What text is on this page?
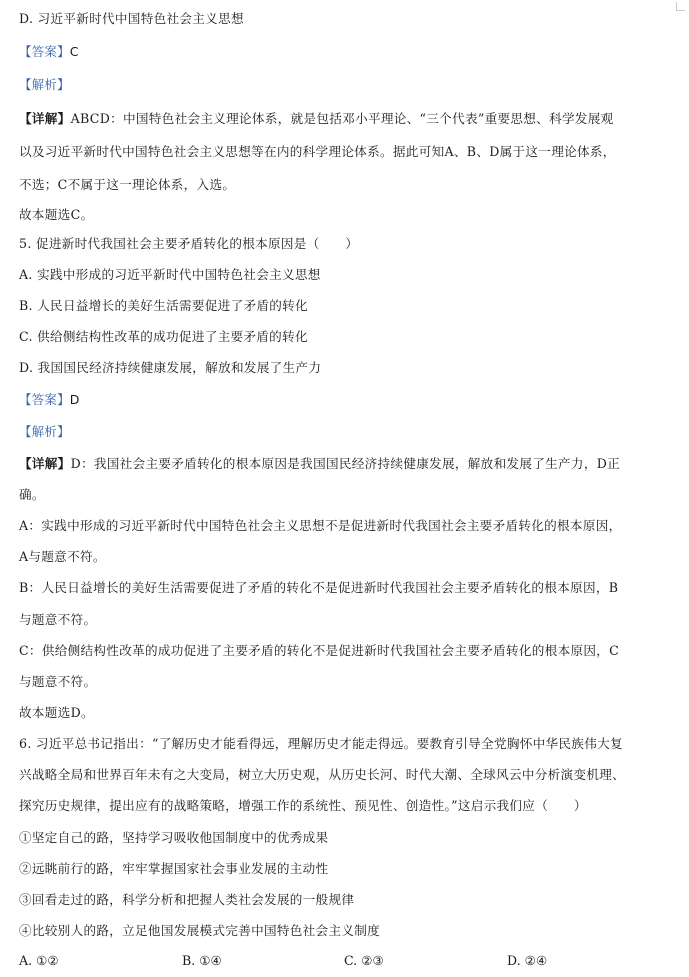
D. 习近平新时代中国特色社会主义思想
【答案】C
【解析】
【详解】ABCD：中国特色社会主义理论体系，就是包括邓小平理论、“三个代表”重要思想、科学发展观
以及习近平新时代中国特色社会主义思想等在内的科学理论体系。据此可知A、B、D属于这一理论体系，
不选；C不属于这一理论体系，入选。
故本题选C。
5. 促进新时代我国社会主要矛盾转化的根本原因是（　　）
A. 实践中形成的习近平新时代中国特色社会主义思想
B. 人民日益增长的美好生活需要促进了矛盾的转化
C. 供给侧结构性改革的成功促进了主要矛盾的转化
D. 我国国民经济持续健康发展，解放和发展了生产力
【答案】D
【解析】
【详解】D：我国社会主要矛盾转化的根本原因是我国国民经济持续健康发展，解放和发展了生产力，D正
确。
A：实践中形成的习近平新时代中国特色社会主义思想不是促进新时代我国社会主要矛盾转化的根本原因，
A与题意不符。
B：人民日益增长的美好生活需要促进了矛盾的转化不是促进新时代我国社会主要矛盾转化的根本原因，B
与题意不符。
C：供给侧结构性改革的成功促进了主要矛盾的转化不是促进新时代我国社会主要矛盾转化的根本原因，C
与题意不符。
故本题选D。
6. 习近平总书记指出：“了解历史才能看得远，理解历史才能走得远。要教育引导全党胸怀中华民族伟大复
兴战略全局和世界百年未有之大变局，树立大历史观，从历史长河、时代大潮、全球风云中分析演变机理、
探究历史规律，提出应有的战略策略，增强工作的系统性、预见性、创造性。”这启示我们应（　　）
①坚定自己的路，坚持学习吸收他国制度中的优秀成果
②远眺前行的路，牢牢掌握国家社会事业发展的主动性
③回看走过的路，科学分析和把握人类社会发展的一般规律
④比较别人的路，立足他国发展模式完善中国特色社会主义制度
A. ①②	B. ①④	C. ②③	D. ②④
